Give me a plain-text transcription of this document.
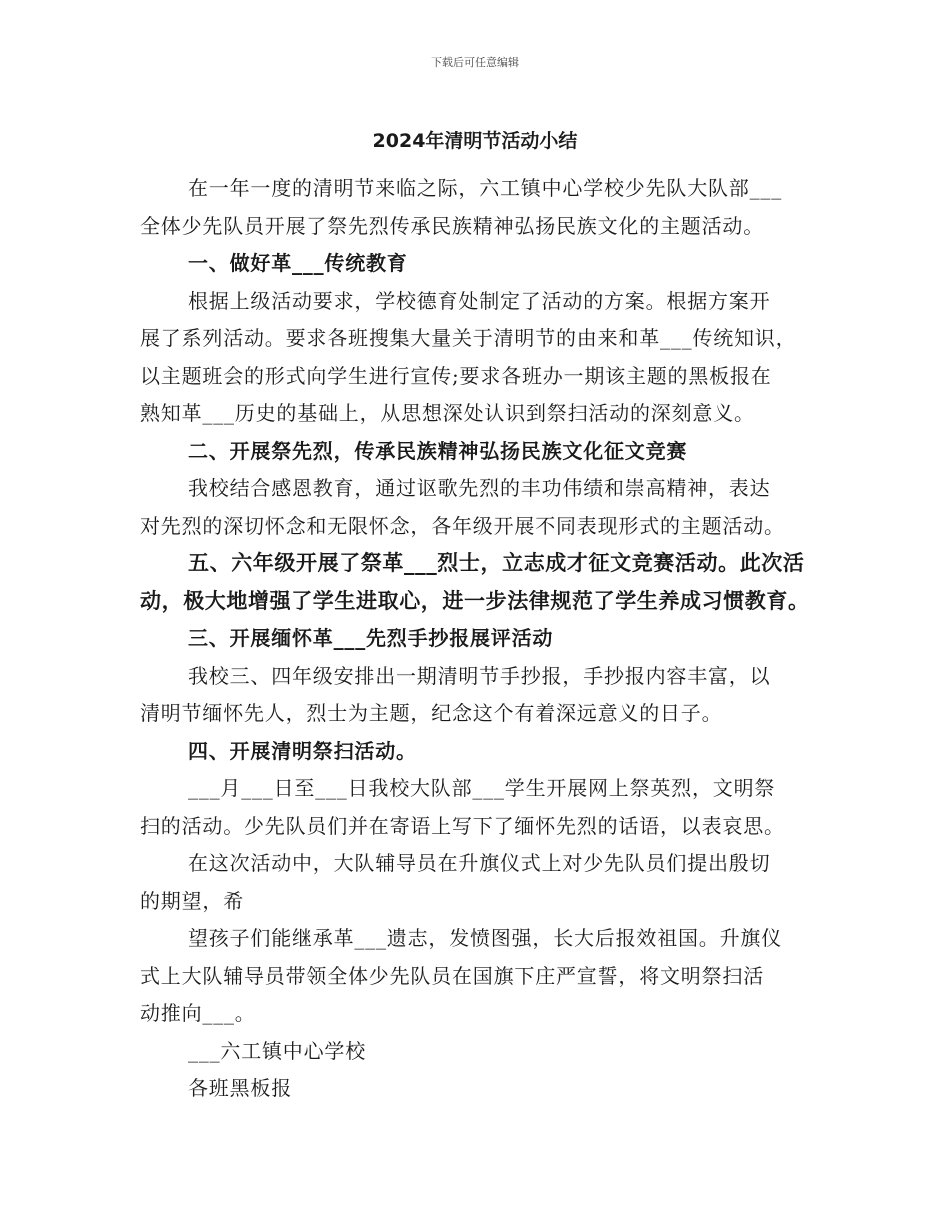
下载后可任意编辑
2024年清明节活动小结
在一年一度的清明节来临之际，六工镇中心学校少先队大队部___
全体少先队员开展了祭先烈传承民族精神弘扬民族文化的主题活动。
一、做好革___传统教育
根据上级活动要求，学校德育处制定了活动的方案。根据方案开
展了系列活动。要求各班搜集大量关于清明节的由来和革___传统知识，
以主题班会的形式向学生进行宣传;要求各班办一期该主题的黑板报在
熟知革___历史的基础上，从思想深处认识到祭扫活动的深刻意义。
二、开展祭先烈，传承民族精神弘扬民族文化征文竞赛
我校结合感恩教育，通过讴歌先烈的丰功伟绩和崇高精神，表达
对先烈的深切怀念和无限怀念，各年级开展不同表现形式的主题活动。
五、六年级开展了祭革___烈士，立志成才征文竞赛活动。此次活
动，极大地增强了学生进取心，进一步法律规范了学生养成习惯教育。
三、开展缅怀革___先烈手抄报展评活动
我校三、四年级安排出一期清明节手抄报，手抄报内容丰富，以
清明节缅怀先人，烈士为主题，纪念这个有着深远意义的日子。
四、开展清明祭扫活动。
___月___日至___日我校大队部___学生开展网上祭英烈，文明祭
扫的活动。少先队员们并在寄语上写下了缅怀先烈的话语，以表哀思。
在这次活动中，大队辅导员在升旗仪式上对少先队员们提出殷切
的期望，希
望孩子们能继承革___遗志，发愤图强，长大后报效祖国。升旗仪
式上大队辅导员带领全体少先队员在国旗下庄严宣誓，将文明祭扫活
动推向___。
___六工镇中心学校
各班黑板报
